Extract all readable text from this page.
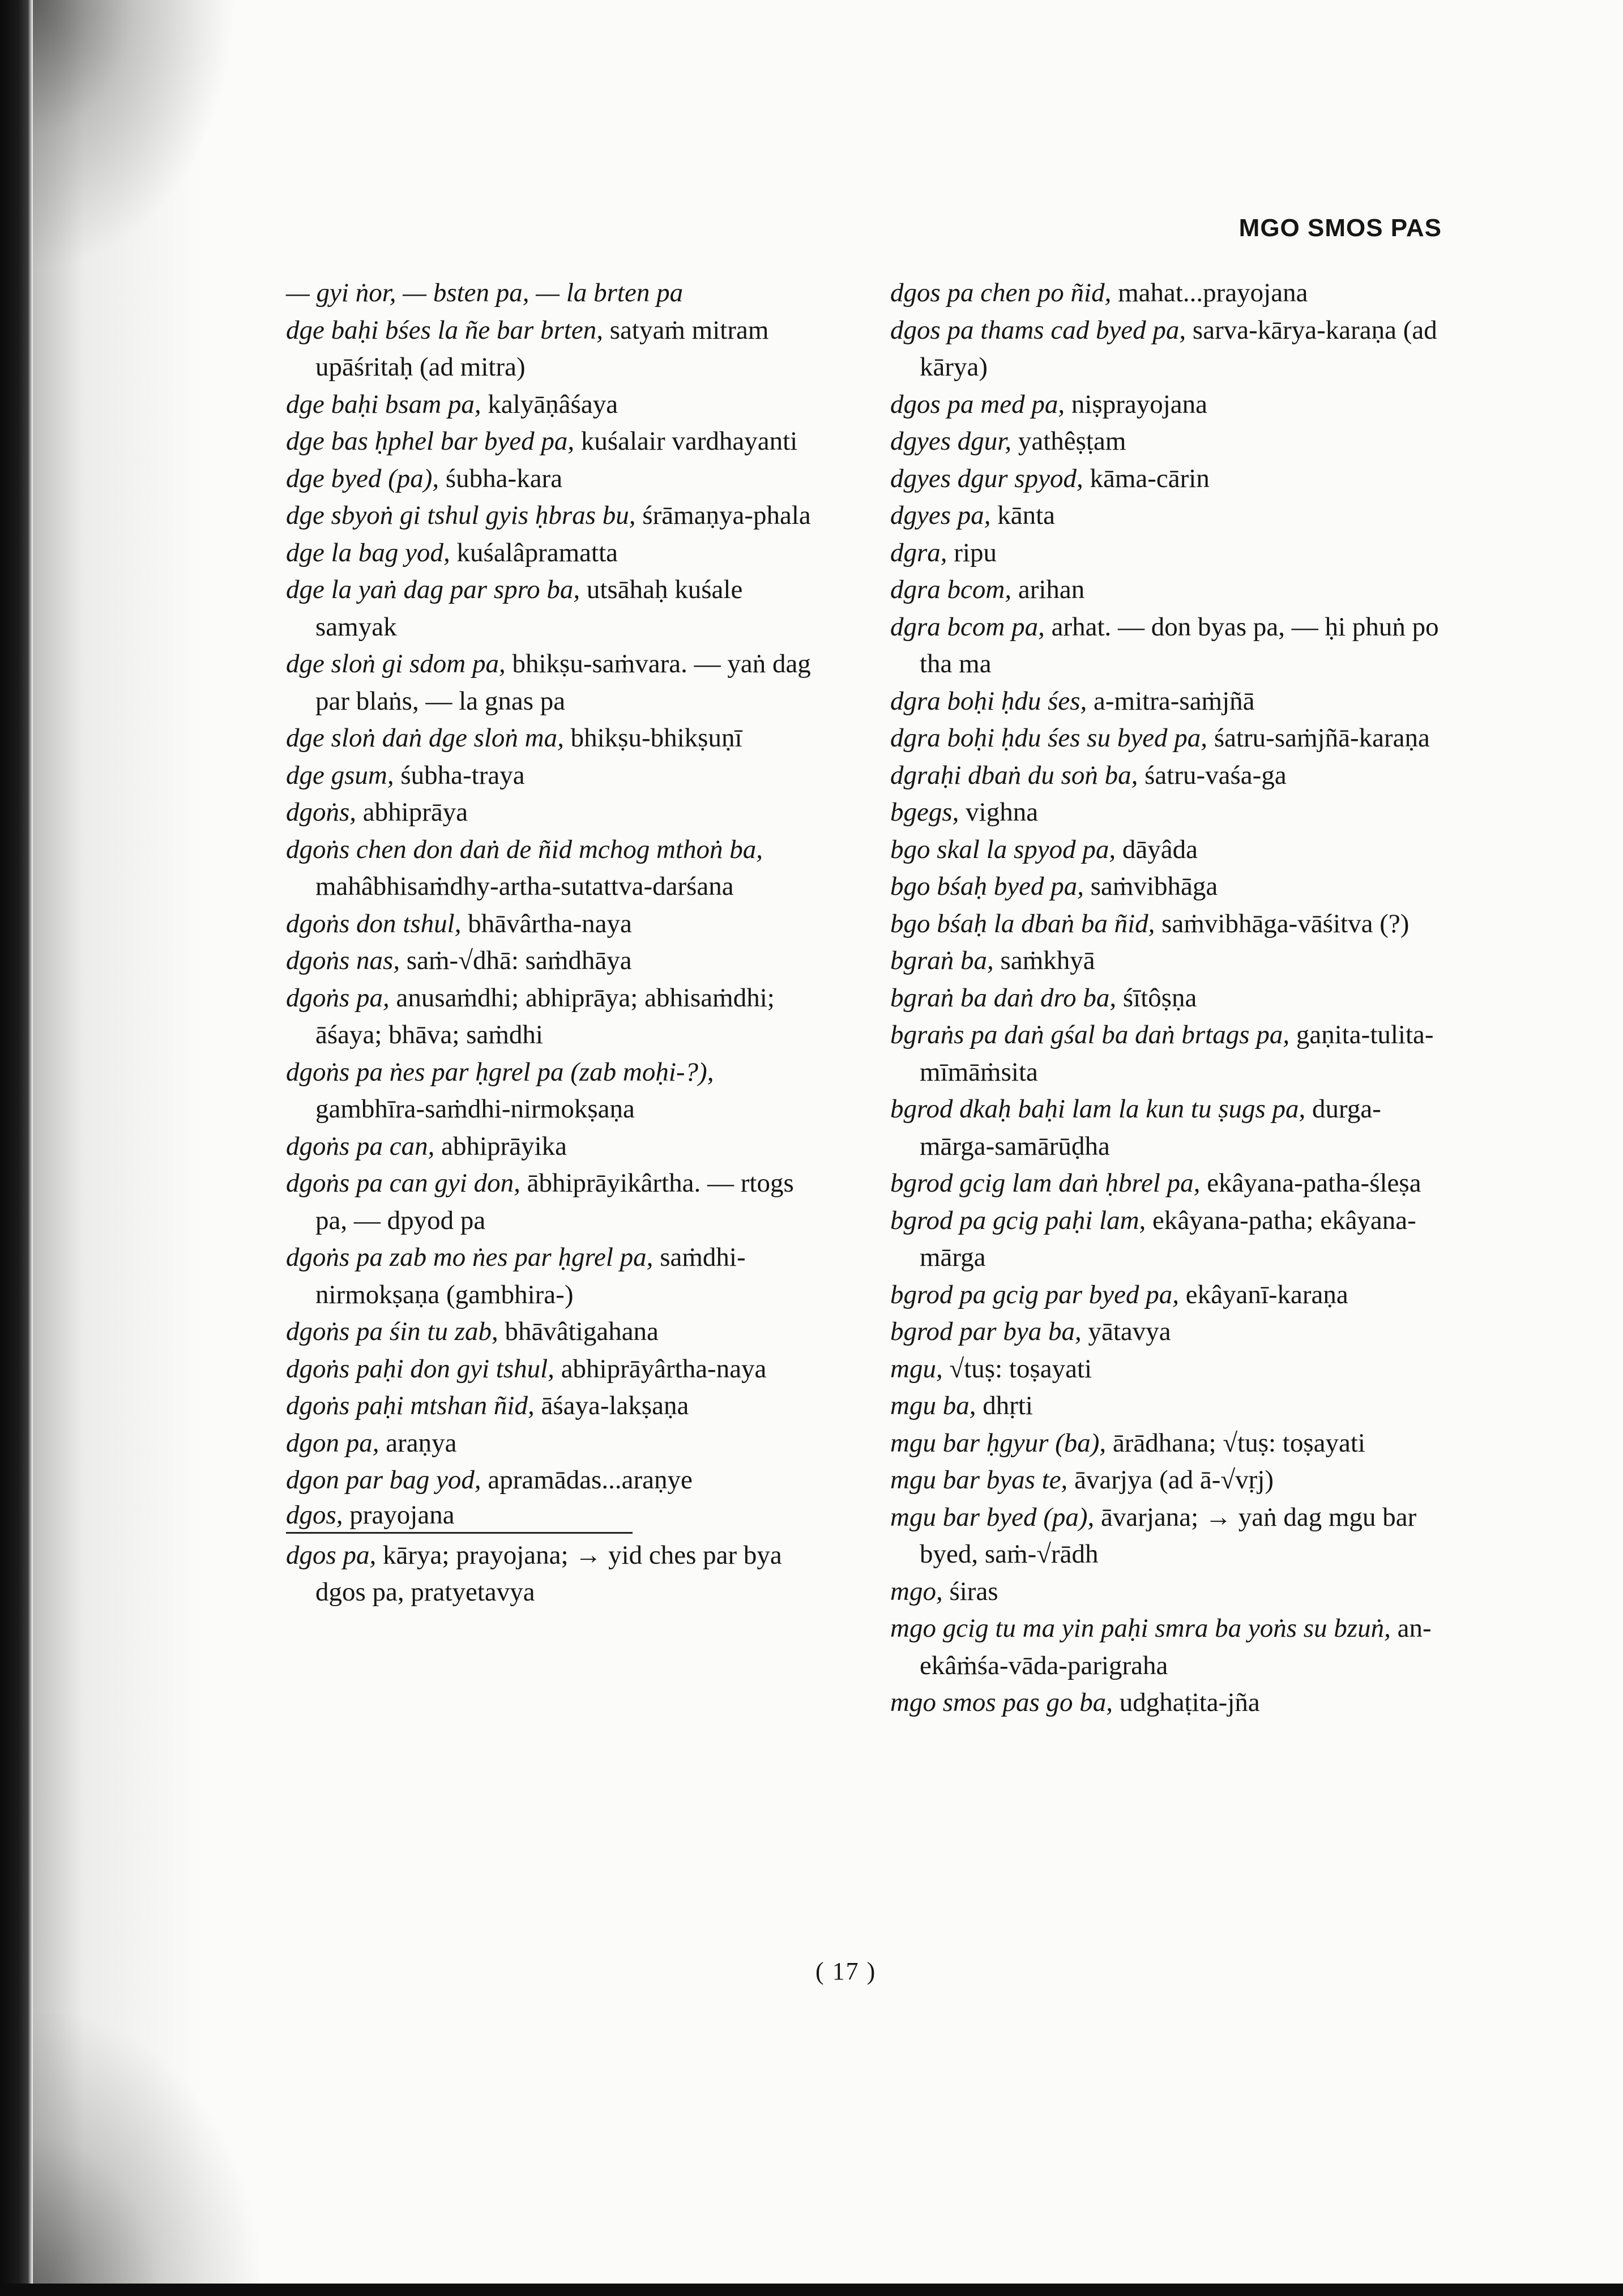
MGO SMOS PAS

— gyi ṅor, — bsten pa, — la brten pa

dge baḥi bśes la ñe bar brten, satyaṁ mitram upāśritaḥ (ad mitra)

dge baḥi bsam pa, kalyāṇâśaya

dge bas ḥphel bar byed pa, kuśalair vardhayanti

dge byed (pa), śubha-kara

dge sbyoṅ gi tshul gyis ḥbras bu, śrāmaṇya-phala

dge la bag yod, kuśalâpramatta

dge la yaṅ dag par spro ba, utsāhaḥ kuśale samyak

dge sloṅ gi sdom pa, bhikṣu-saṁvara. — yaṅ dag par blaṅs, — la gnas pa

dge sloṅ daṅ dge sloṅ ma, bhikṣu-bhikṣuṇī

dge gsum, śubha-traya

dgoṅs, abhiprāya

dgoṅs chen don daṅ de ñid mchog mthoṅ ba, mahâbhisaṁdhy-artha-sutattva-darśana

dgoṅs don tshul, bhāvârtha-naya

dgoṅs nas, saṁ-√dhā: saṁdhāya

dgoṅs pa, anusaṁdhi; abhiprāya; abhisaṁdhi; āśaya; bhāva; saṁdhi

dgoṅs pa ṅes par ḥgrel pa (zab moḥi-?), gambhīra-saṁdhi-nirmokṣaṇa

dgoṅs pa can, abhiprāyika

dgoṅs pa can gyi don, ābhiprāyikârtha. — rtogs pa, — dpyod pa

dgoṅs pa zab mo ṅes par ḥgrel pa, saṁdhi-nirmokṣaṇa (gambhira-)

dgoṅs pa śin tu zab, bhāvâtigahana

dgoṅs paḥi don gyi tshul, abhiprāyârtha-naya

dgoṅs paḥi mtshan ñid, āśaya-lakṣaṇa

dgon pa, araṇya

dgon par bag yod, apramādas...araṇye

dgos, prayojana

dgos pa, kārya; prayojana; → yid ches par bya dgos pa, pratyetavya

dgos pa chen po ñid, mahat...prayojana

dgos pa thams cad byed pa, sarva-kārya-karaṇa (ad kārya)

dgos pa med pa, niṣprayojana

dgyes dgur, yathêṣṭam

dgyes dgur spyod, kāma-cārin

dgyes pa, kānta

dgra, ripu

dgra bcom, arihan

dgra bcom pa, arhat. — don byas pa, — ḥi phuṅ po tha ma

dgra boḥi ḥdu śes, a-mitra-saṁjñā

dgra boḥi ḥdu śes su byed pa, śatru-saṁjñā-karaṇa

dgraḥi dbaṅ du soṅ ba, śatru-vaśa-ga

bgegs, vighna

bgo skal la spyod pa, dāyâda

bgo bśaḥ byed pa, saṁvibhāga

bgo bśaḥ la dbaṅ ba ñid, saṁvibhāga-vāśitva (?)

bgraṅ ba, saṁkhyā

bgraṅ ba daṅ dro ba, śītôṣṇa

bgraṅs pa daṅ gśal ba daṅ brtags pa, gaṇita-tulita-mīmāṁsita

bgrod dkaḥ baḥi lam la kun tu ṣugs pa, durga-mārga-samārūḍha

bgrod gcig lam daṅ ḥbrel pa, ekâyana-patha-śleṣa

bgrod pa gcig paḥi lam, ekâyana-patha; ekâyana-mārga

bgrod pa gcig par byed pa, ekâyanī-karaṇa

bgrod par bya ba, yātavya

mgu, √tuṣ: toṣayati

mgu ba, dhṛti

mgu bar ḥgyur (ba), ārādhana; √tuṣ: toṣayati

mgu bar byas te, āvarjya (ad ā-√vṛj)

mgu bar byed (pa), āvarjana; → yaṅ dag mgu bar byed, saṁ-√rādh

mgo, śiras

mgo gcig tu ma yin paḥi smra ba yoṅs su bzuṅ, an-ekâṁśa-vāda-parigraha

mgo smos pas go ba, udghaṭita-jña

( 17 )
